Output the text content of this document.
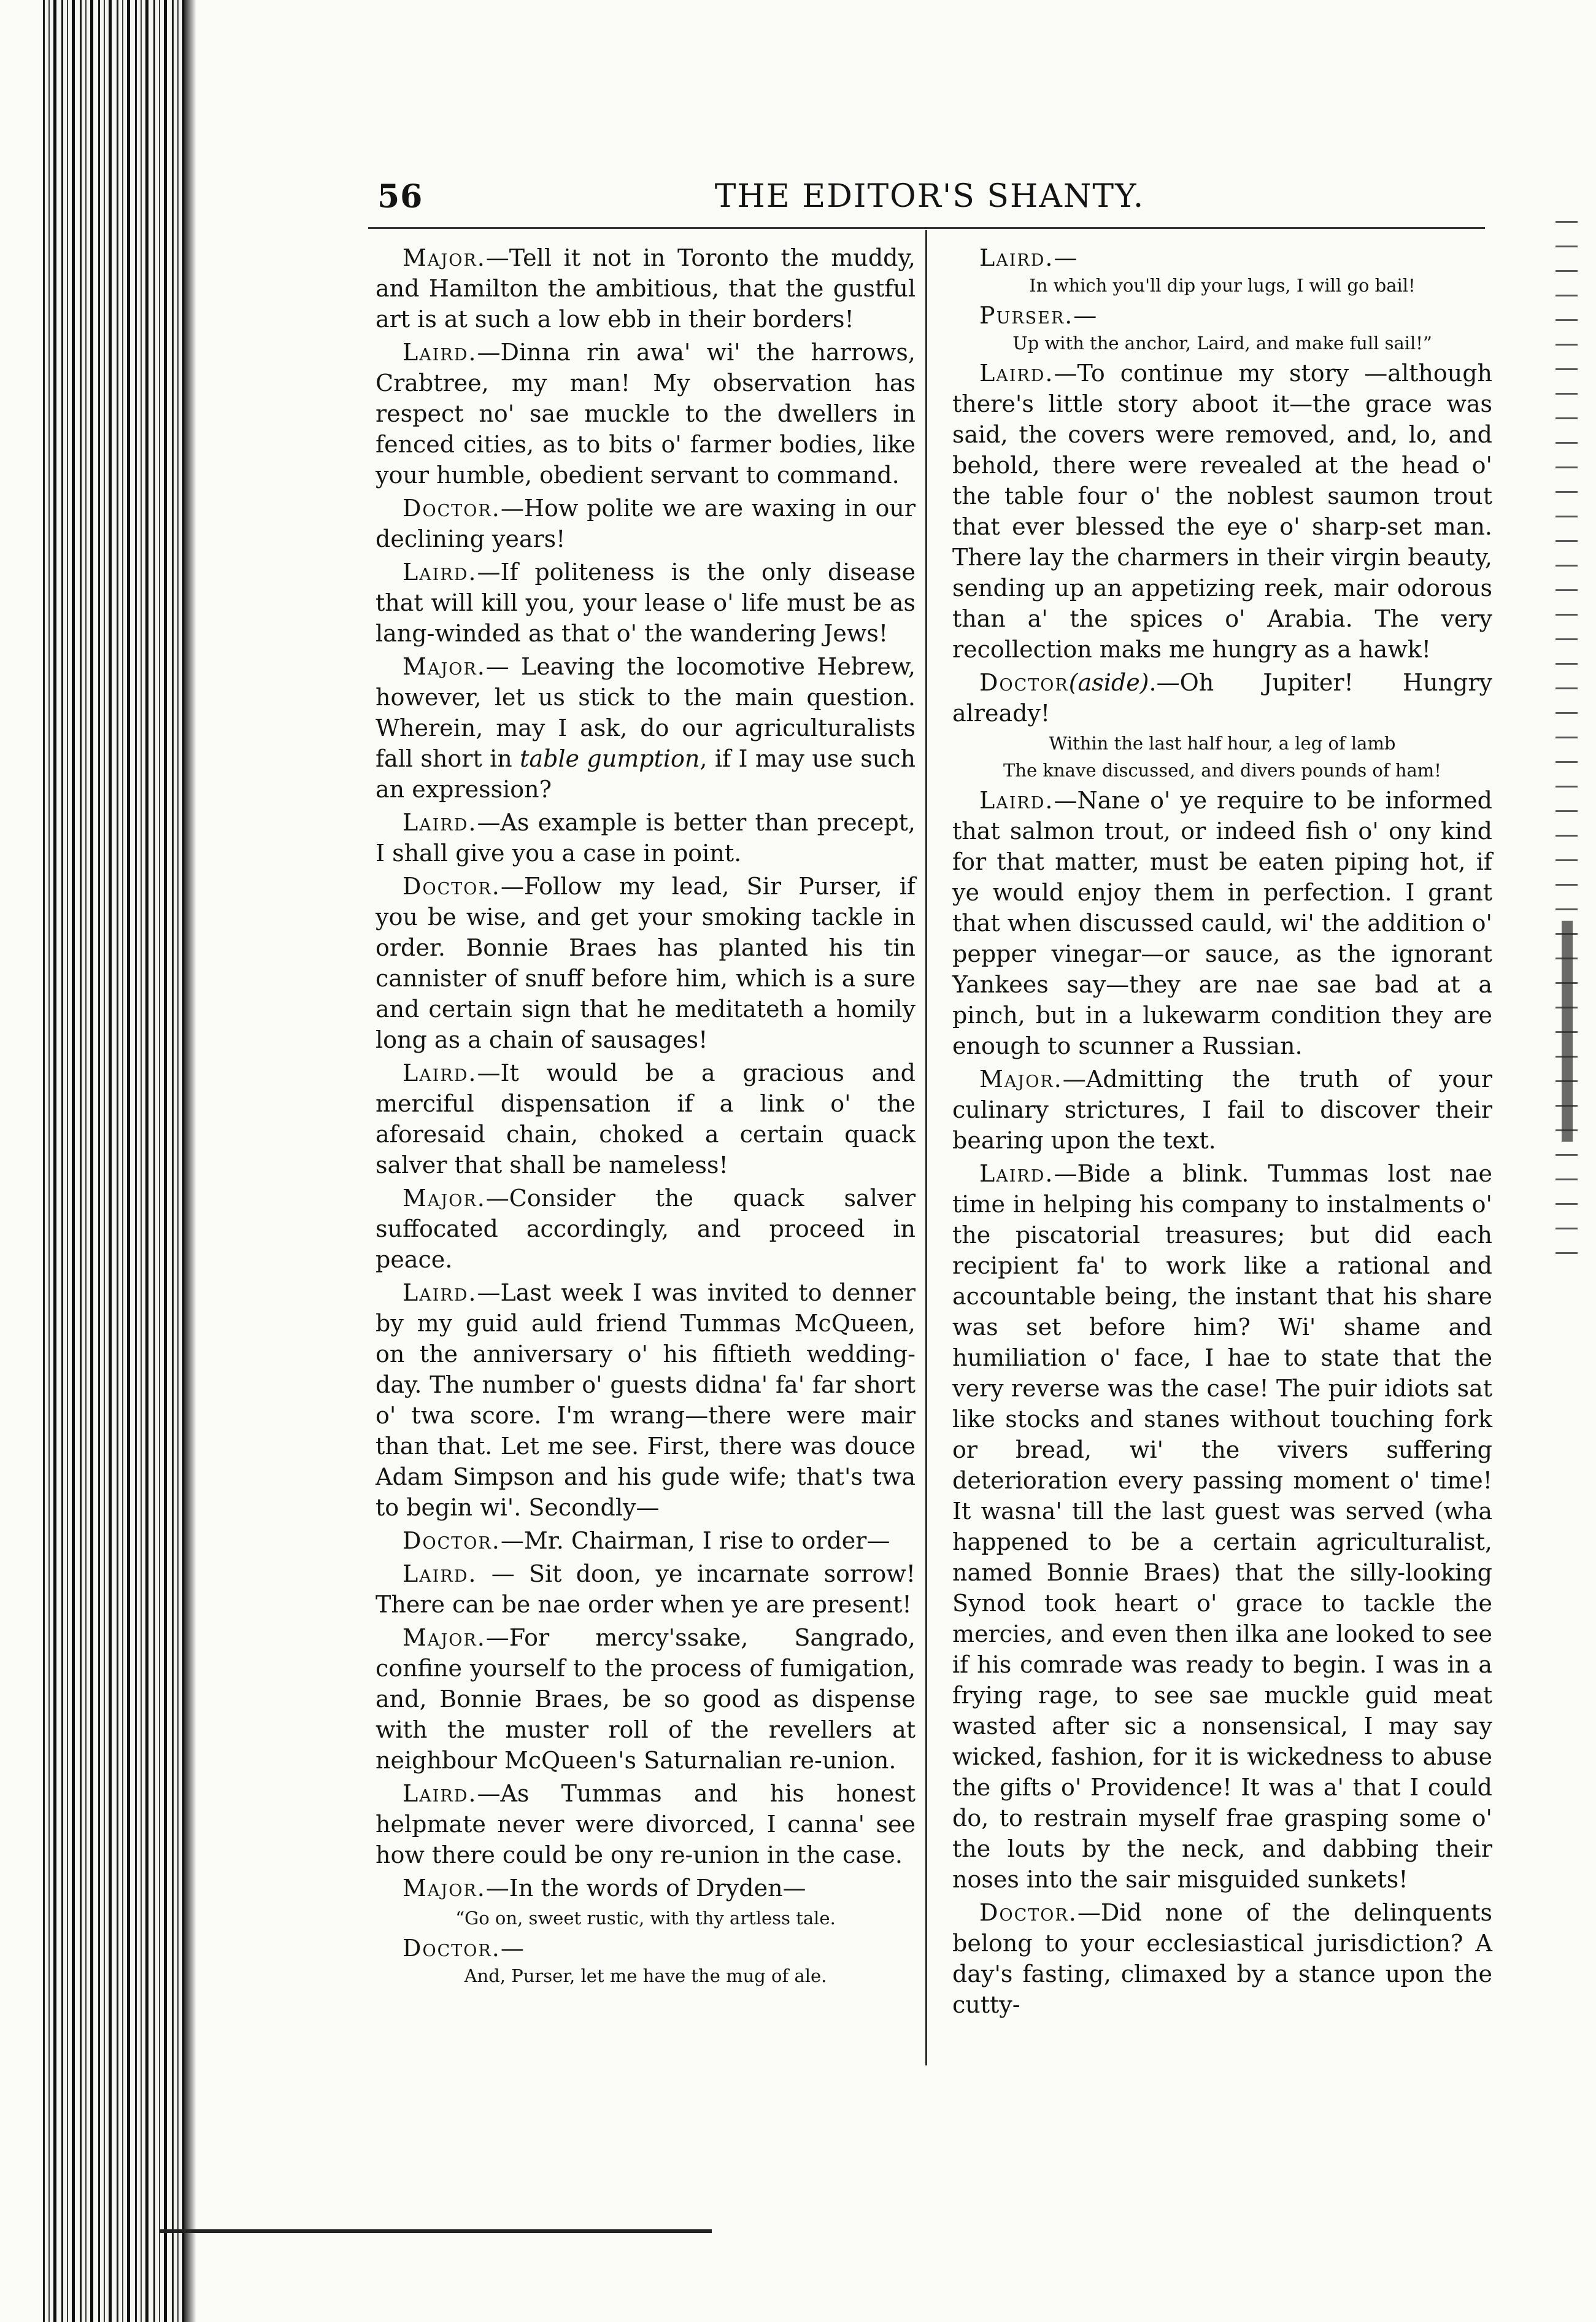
56	THE EDITOR'S SHANTY.

Major.—Tell it not in Toronto the muddy, and Hamilton the ambitious, that the gustful art is at such a low ebb in their borders!

Laird.—Dinna rin awa' wi' the harrows, Crabtree, my man! My observation has respect no' sae muckle to the dwellers in fenced cities, as to bits o' farmer bodies, like your humble, obedient servant to command.

Doctor.—How polite we are waxing in our declining years!

Laird.—If politeness is the only disease that will kill you, your lease o' life must be as lang-winded as that o' the wandering Jews!

Major.— Leaving the locomotive Hebrew, however, let us stick to the main question. Wherein, may I ask, do our agriculturalists fall short in table gumption, if I may use such an expression?

Laird.—As example is better than precept, I shall give you a case in point.

Doctor.—Follow my lead, Sir Purser, if you be wise, and get your smoking tackle in order. Bonnie Braes has planted his tin cannister of snuff before him, which is a sure and certain sign that he meditateth a homily long as a chain of sausages!

Laird.—It would be a gracious and merciful dispensation if a link o' the aforesaid chain, choked a certain quack salver that shall be nameless!

Major.—Consider the quack salver suffocated accordingly, and proceed in peace.

Laird.—Last week I was invited to denner by my guid auld friend Tummas McQueen, on the anniversary o' his fiftieth wedding-day. The number o' guests didna' fa' far short o' twa score. I'm wrang—there were mair than that. Let me see. First, there was douce Adam Simpson and his gude wife; that's twa to begin wi'. Secondly—

Doctor.—Mr. Chairman, I rise to order—

Laird. — Sit doon, ye incarnate sorrow! There can be nae order when ye are present!

Major.—For mercy'ssake, Sangrado, confine yourself to the process of fumigation, and, Bonnie Braes, be so good as dispense with the muster roll of the revellers at neighbour McQueen's Saturnalian re-union.

Laird.—As Tummas and his honest helpmate never were divorced, I canna' see how there could be ony re-union in the case.

Major.—In the words of Dryden—

“Go on, sweet rustic, with thy artless tale.

Doctor.—

And, Purser, let me have the mug of ale.

Laird.—

In which you'll dip your lugs, I will go bail!

Purser.—

Up with the anchor, Laird, and make full sail!”

Laird.—To continue my story —although there's little story aboot it—the grace was said, the covers were removed, and, lo, and behold, there were revealed at the head o' the table four o' the noblest saumon trout that ever blessed the eye o' sharp-set man. There lay the charmers in their virgin beauty, sending up an appetizing reek, mair odorous than a' the spices o' Arabia. The very recollection maks me hungry as a hawk!

Doctor(aside).—Oh Jupiter! Hungry already!

Within the last half hour, a leg of lamb
The knave discussed, and divers pounds of ham!

Laird.—Nane o' ye require to be informed that salmon trout, or indeed fish o' ony kind for that matter, must be eaten piping hot, if ye would enjoy them in perfection. I grant that when discussed cauld, wi' the addition o' pepper vinegar—or sauce, as the ignorant Yankees say—they are nae sae bad at a pinch, but in a lukewarm condition they are enough to scunner a Russian.

Major.—Admitting the truth of your culinary strictures, I fail to discover their bearing upon the text.

Laird.—Bide a blink. Tummas lost nae time in helping his company to instalments o' the piscatorial treasures; but did each recipient fa' to work like a rational and accountable being, the instant that his share was set before him? Wi' shame and humiliation o' face, I hae to state that the very reverse was the case! The puir idiots sat like stocks and stanes without touching fork or bread, wi' the vivers suffering deterioration every passing moment o' time! It wasna' till the last guest was served (wha happened to be a certain agriculturalist, named Bonnie Braes) that the silly-looking Synod took heart o' grace to tackle the mercies, and even then ilka ane looked to see if his comrade was ready to begin. I was in a frying rage, to see sae muckle guid meat wasted after sic a nonsensical, I may say wicked, fashion, for it is wickedness to abuse the gifts o' Providence! It was a' that I could do, to restrain myself frae grasping some o' the louts by the neck, and dabbing their noses into the sair misguided sunkets!

Doctor.—Did none of the delinquents belong to your ecclesiastical jurisdiction? A day's fasting, climaxed by a stance upon the cutty-
